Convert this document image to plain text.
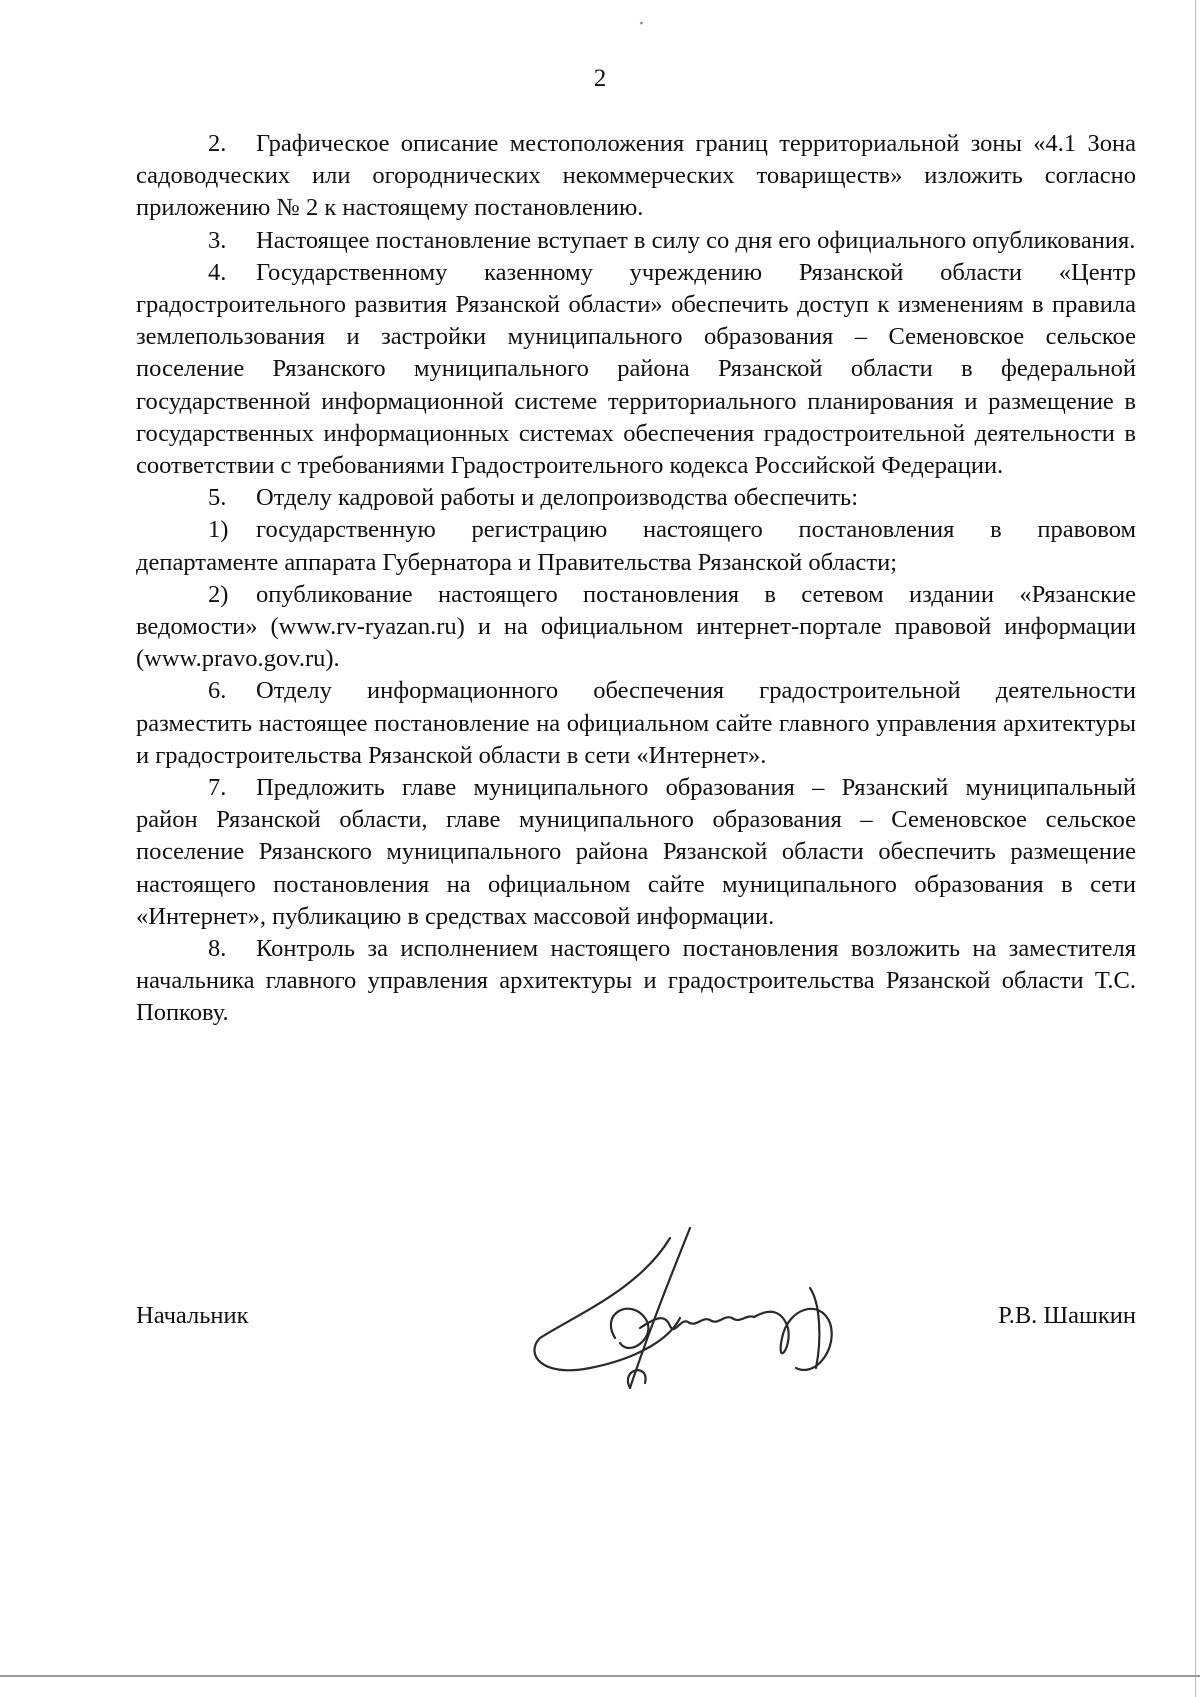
2

2. Графическое описание местоположения границ территориальной зоны «4.1 Зона садоводческих или огороднических некоммерческих товариществ» изложить согласно приложению № 2 к настоящему постановлению.

3. Настоящее постановление вступает в силу со дня его официального опубликования.

4. Государственному казенному учреждению Рязанской области «Центр градостроительного развития Рязанской области» обеспечить доступ к изменениям в правила землепользования и застройки муниципального образования – Семеновское сельское поселение Рязанского муниципального района Рязанской области в федеральной государственной информационной системе территориального планирования и размещение в государственных информационных системах обеспечения градостроительной деятельности в соответствии с требованиями Градостроительного кодекса Российской Федерации.

5. Отделу кадровой работы и делопроизводства обеспечить:

1) государственную регистрацию настоящего постановления в правовом департаменте аппарата Губернатора и Правительства Рязанской области;

2) опубликование настоящего постановления в сетевом издании «Рязанские ведомости» (www.rv-ryazan.ru) и на официальном интернет-портале правовой информации (www.pravo.gov.ru).

6. Отделу информационного обеспечения градостроительной деятельности разместить настоящее постановление на официальном сайте главного управления архитектуры и градостроительства Рязанской области в сети «Интернет».

7. Предложить главе муниципального образования – Рязанский муниципальный район Рязанской области, главе муниципального образования – Семеновское сельское поселение Рязанского муниципального района Рязанской области обеспечить размещение настоящего постановления на официальном сайте муниципального образования в сети «Интернет», публикацию в средствах массовой информации.

8. Контроль за исполнением настоящего постановления возложить на заместителя начальника главного управления архитектуры и градостроительства Рязанской области Т.С. Попкову.

Начальник	Р.В. Шашкин
